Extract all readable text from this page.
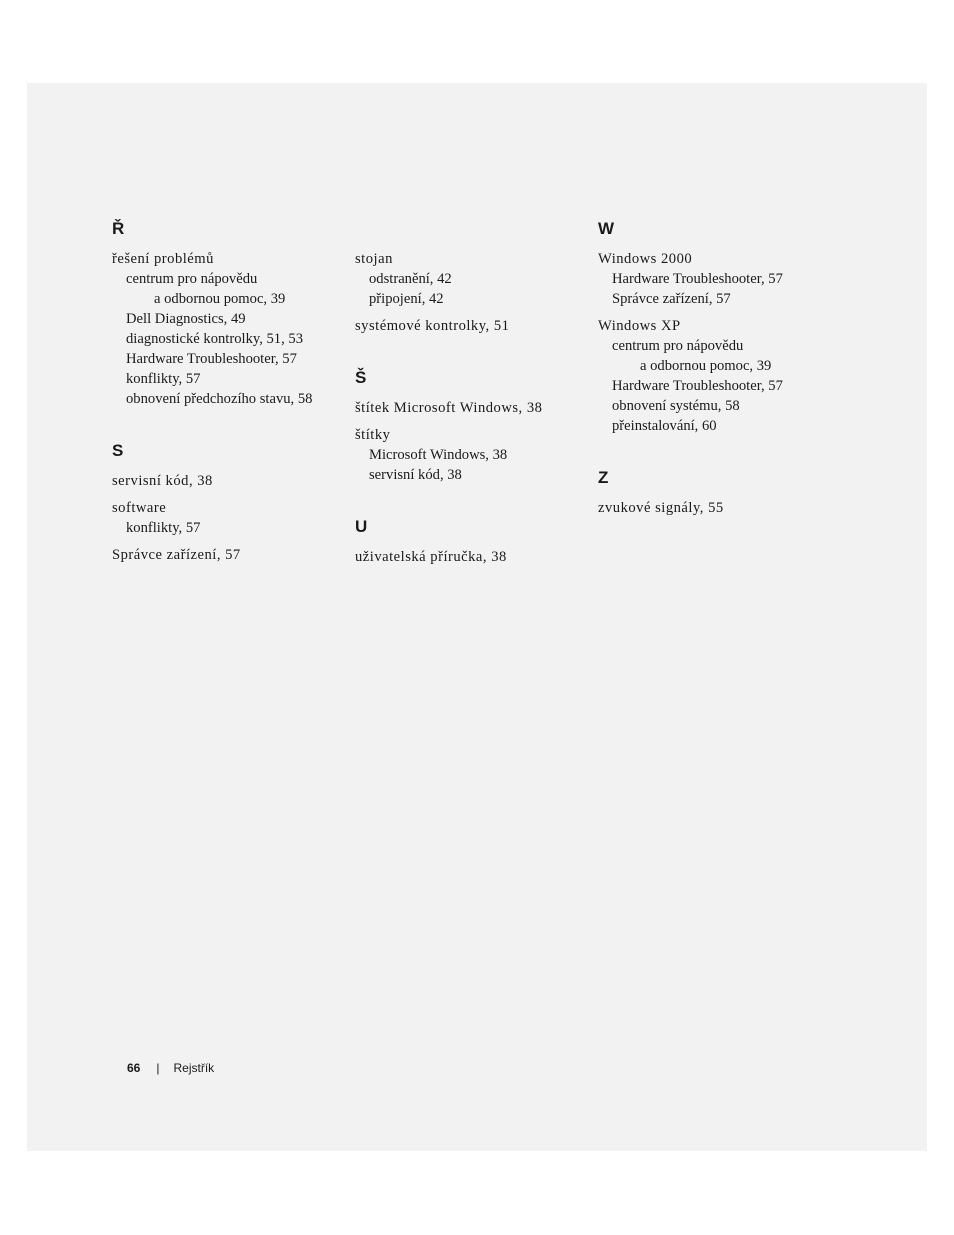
Ř
řešení problémů
centrum pro nápovědu
a odbornou pomoc, 39
Dell Diagnostics, 49
diagnostické kontrolky, 51, 53
Hardware Troubleshooter, 57
konflikty, 57
obnovení předchozího stavu, 58
S
servisní kód, 38
software
konflikty, 57
Správce zařízení, 57
stojan
odstranění, 42
připojení, 42
systémové kontrolky, 51
Š
štítek Microsoft Windows, 38
štítky
Microsoft Windows, 38
servisní kód, 38
U
uživatelská příručka, 38
W
Windows 2000
Hardware Troubleshooter, 57
Správce zařízení, 57
Windows XP
centrum pro nápovědu
a odbornou pomoc, 39
Hardware Troubleshooter, 57
obnovení systému, 58
přeinstalování, 60
Z
zvukové signály, 55
66 | Rejstřík
